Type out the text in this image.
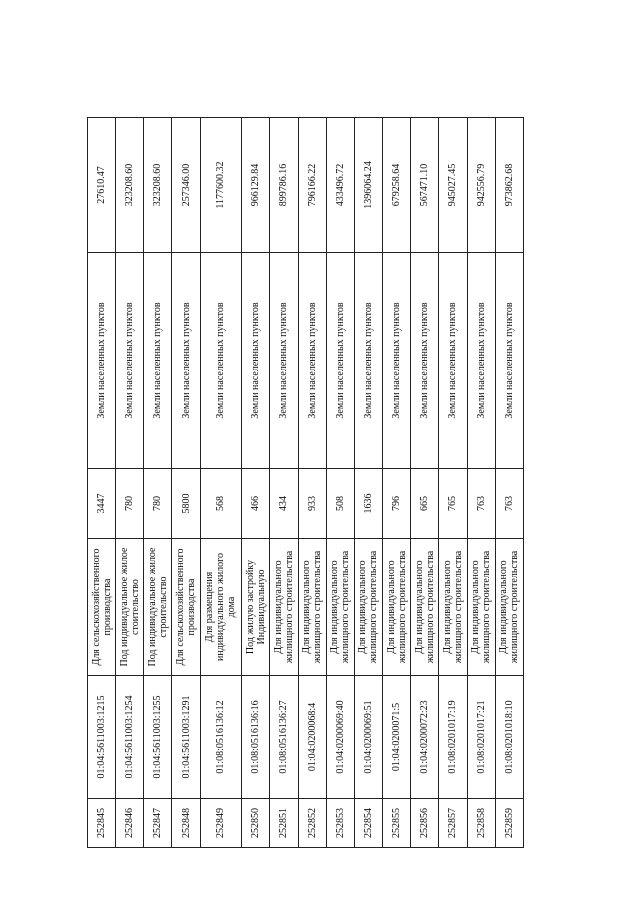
252845	01:04:5611003:1215	Для сельскохозяйственного производства	3447	Земли населенных пунктов	27610.47
252846	01:04:5611003:1254	Под индивидуальное жилое стоительство	780	Земли населенных пунктов	323208.60
252847	01:04:5611003:1255	Под индивидуальное жилое строительство	780	Земли населенных пунктов	323208.60
252848	01:04:5611003:1291	Для сельскохозяйственного производства	5800	Земли населенных пунктов	257346.00
252849	01:08:0516136:12	Для размещения индивидуального жилого дома	568	Земли населенных пунктов	1177600.32
252850	01:08:0516136:16	Под жилую застройку Индивидуальную	466	Земли населенных пунктов	966129.84
252851	01:08:0516136:27	Для индивидуального жилищного строительства	434	Земли населенных пунктов	899786.16
252852	01:04:0200068:4	Для индивидуального жилищного строительства	933	Земли населенных пунктов	796166.22
252853	01:04:0200069:40	Для индивидуального жилищного строительства	508	Земли населенных пунктов	433496.72
252854	01:04:0200069:51	Для индивидуального жилищного строительства	1636	Земли населенных пунктов	1396064.24
252855	01:04:0200071:5	Для индивидуального жилищного строительства	796	Земли населенных пунктов	679258.64
252856	01:04:0200072:23	Для индивидуального жилищного строительства	665	Земли населенных пунктов	567471.10
252857	01:08:0201017:19	Для индивидуального жилищного строительства	765	Земли населенных пунктов	945027.45
252858	01:08:0201017:21	Для индивидуального жилищного строительства	763	Земли населенных пунктов	942556.79
252859	01:08:0201018:10	Для индивидуального жилищного строительства	763	Земли населенных пунктов	973862.68
